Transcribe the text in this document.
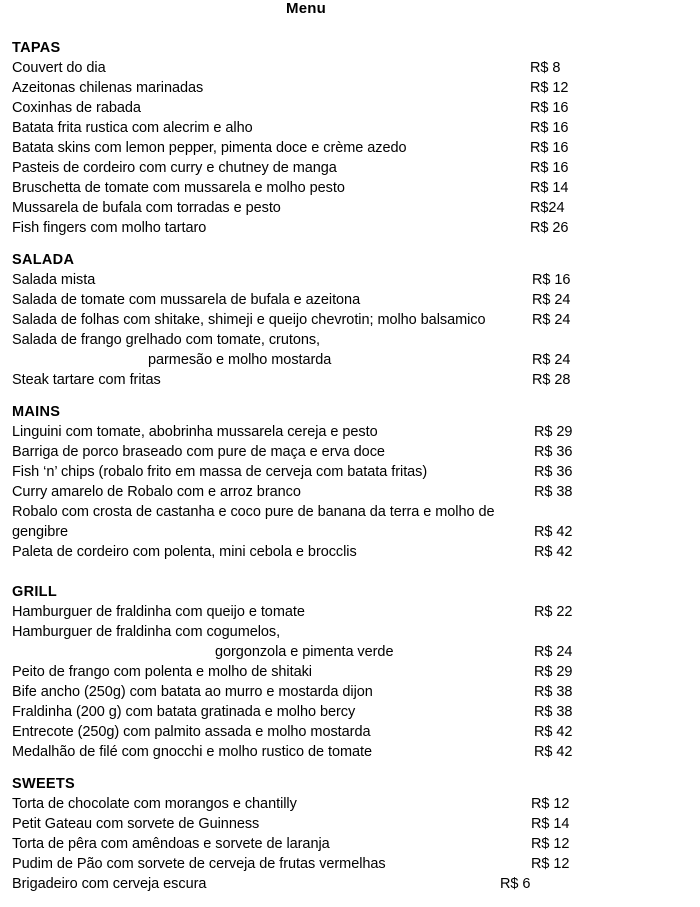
Menu
TAPAS
Couvert do dia	R$ 8
Azeitonas chilenas marinadas	R$ 12
Coxinhas de rabada	R$ 16
Batata frita rustica com alecrim e alho	R$ 16
Batata skins com lemon pepper, pimenta doce e crème azedo	R$ 16
Pasteis de cordeiro com curry e chutney de manga	R$ 16
Bruschetta de tomate com mussarela e molho pesto	R$ 14
Mussarela de bufala com torradas e pesto	R$24
Fish fingers com molho tartaro	R$ 26
SALADA
Salada mista	R$ 16
Salada de tomate com mussarela de bufala e azeitona	R$ 24
Salada de folhas com shitake, shimeji e queijo chevrotin; molho balsamico	R$ 24
Salada de frango grelhado com tomate, crutons,
parmesão e molho mostarda	R$ 24
Steak tartare com fritas	R$ 28
MAINS
Linguini com tomate, abobrinha mussarela cereja e pesto	R$ 29
Barriga de porco braseado com pure de maça e erva doce	R$ 36
Fish ‘n’ chips (robalo frito em massa de cerveja com batata fritas)	R$ 36
Curry amarelo de Robalo com e arroz branco	R$ 38
Robalo com crosta de castanha e coco pure de banana da terra e molho de
gengibre	R$ 42
Paleta de cordeiro com polenta, mini cebola e brocclis	R$ 42
GRILL
Hamburguer de fraldinha com queijo e tomate	R$ 22
Hamburguer de fraldinha com cogumelos,
gorgonzola e pimenta verde	R$ 24
Peito de frango com polenta e molho de shitaki	R$ 29
Bife ancho (250g) com batata ao murro e mostarda dijon	R$ 38
Fraldinha (200 g) com batata gratinada e molho bercy	R$ 38
Entrecote (250g) com palmito assada e molho mostarda	R$ 42
Medalhão de filé com gnocchi e molho rustico de tomate	R$ 42
SWEETS
Torta de chocolate com morangos e chantilly	R$ 12
Petit Gateau com sorvete de Guinness	R$ 14
Torta de pêra com amêndoas e sorvete de laranja	R$ 12
Pudim de Pão com sorvete de cerveja de frutas vermelhas	R$ 12
Brigadeiro com cerveja escura	R$ 6
